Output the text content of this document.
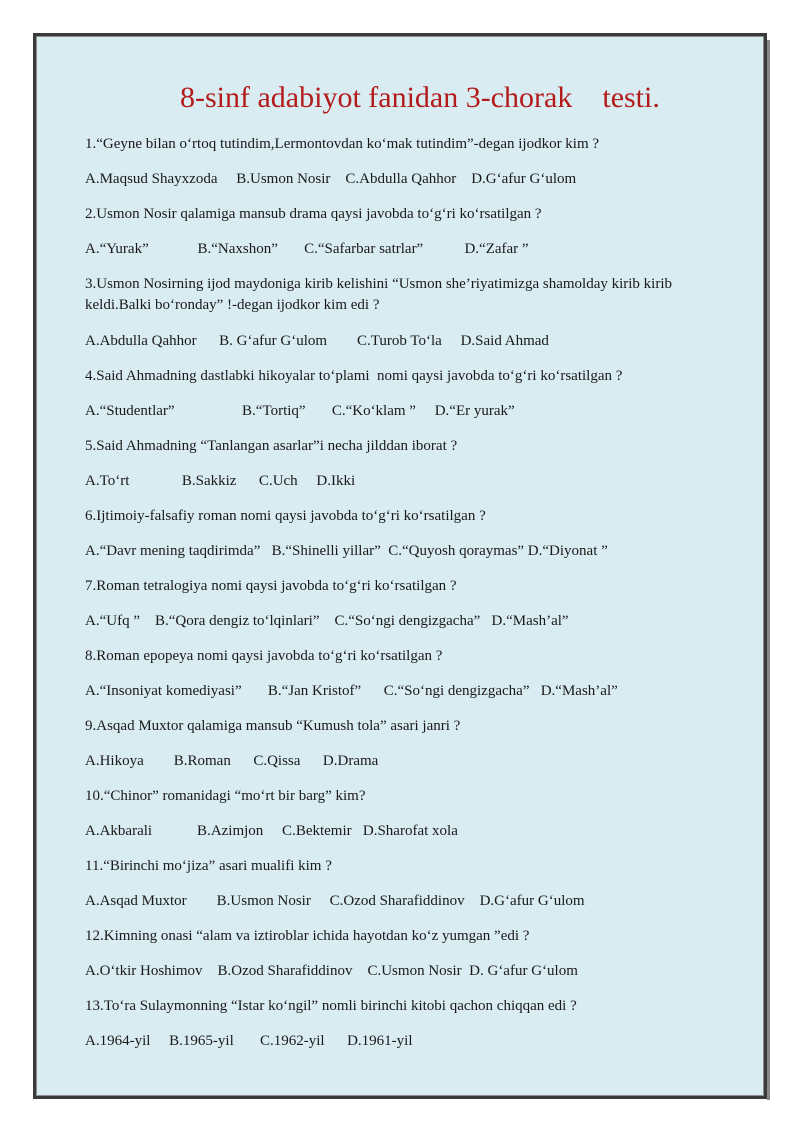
8-sinf adabiyot fanidan 3-chorak    testi.
1.“Geyne bilan o‘rtoq tutindim,Lermontovdan ko‘mak tutindim”-degan ijodkor kim ?
A.Maqsud Shayxzoda     B.Usmon Nosir    C.Abdulla Qahhor    D.G‘afur G‘ulom
2.Usmon Nosir qalamiga mansub drama qaysi javobda to‘g‘ri ko‘rsatilgan ?
A.“Yurak”             B.“Naxshon”       C.“Safarbar satrlar”           D.“Zafar ”
3.Usmon Nosirning ijod maydoniga kirib kelishini “Usmon she’riyatimizga shamolday kirib kirib keldi.Balki bo‘ronday” !-degan ijodkor kim edi ?
A.Abdulla Qahhor      B. G‘afur G‘ulom        C.Turob To‘la     D.Said Ahmad
4.Said Ahmadning dastlabki hikoyalar to‘plami  nomi qaysi javobda to‘g‘ri ko‘rsatilgan ?
A.“Studentlar”                  B.“Tortiq”       C.“Ko‘klam ”     D.“Er yurak”
5.Said Ahmadning “Tanlangan asarlar”i necha jilddan iborat ?
A.To‘rt              B.Sakkiz      C.Uch     D.Ikki
6.Ijtimoiy-falsafiy roman nomi qaysi javobda to‘g‘ri ko‘rsatilgan ?
A.“Davr mening taqdirimda”   B.“Shinelli yillar”  C.“Quyosh qoraymas” D.“Diyonat ”
7.Roman tetralogiya nomi qaysi javobda to‘g‘ri ko‘rsatilgan ?
A.“Ufq ”    B.“Qora dengiz to‘lqinlari”    C.“So‘ngi dengizgacha”   D.“Mash’al”
8.Roman epopeya nomi qaysi javobda to‘g‘ri ko‘rsatilgan ?
A.“Insoniyat komediyasi”       B.“Jan Kristof”      C.“So‘ngi dengizgacha”   D.“Mash’al”
9.Asqad Muxtor qalamiga mansub “Kumush tola” asari janri ?
A.Hikoya        B.Roman      C.Qissa      D.Drama
10.“Chinor” romanidagi “mo‘rt bir barg” kim?
A.Akbarali            B.Azimjon     C.Bektemir   D.Sharofat xola
11.“Birinchi mo‘jiza” asari mualifi kim ?
A.Asqad Muxtor        B.Usmon Nosir     C.Ozod Sharafiddinov    D.G‘afur G‘ulom
12.Kimning onasi “alam va iztiroblar ichida hayotdan ko‘z yumgan ”edi ?
A.O‘tkir Hoshimov    B.Ozod Sharafiddinov    C.Usmon Nosir  D. G‘afur G‘ulom
13.To‘ra Sulaymonning “Istar ko‘ngil” nomli birinchi kitobi qachon chiqqan edi ?
A.1964-yil     B.1965-yil       C.1962-yil      D.1961-yil
